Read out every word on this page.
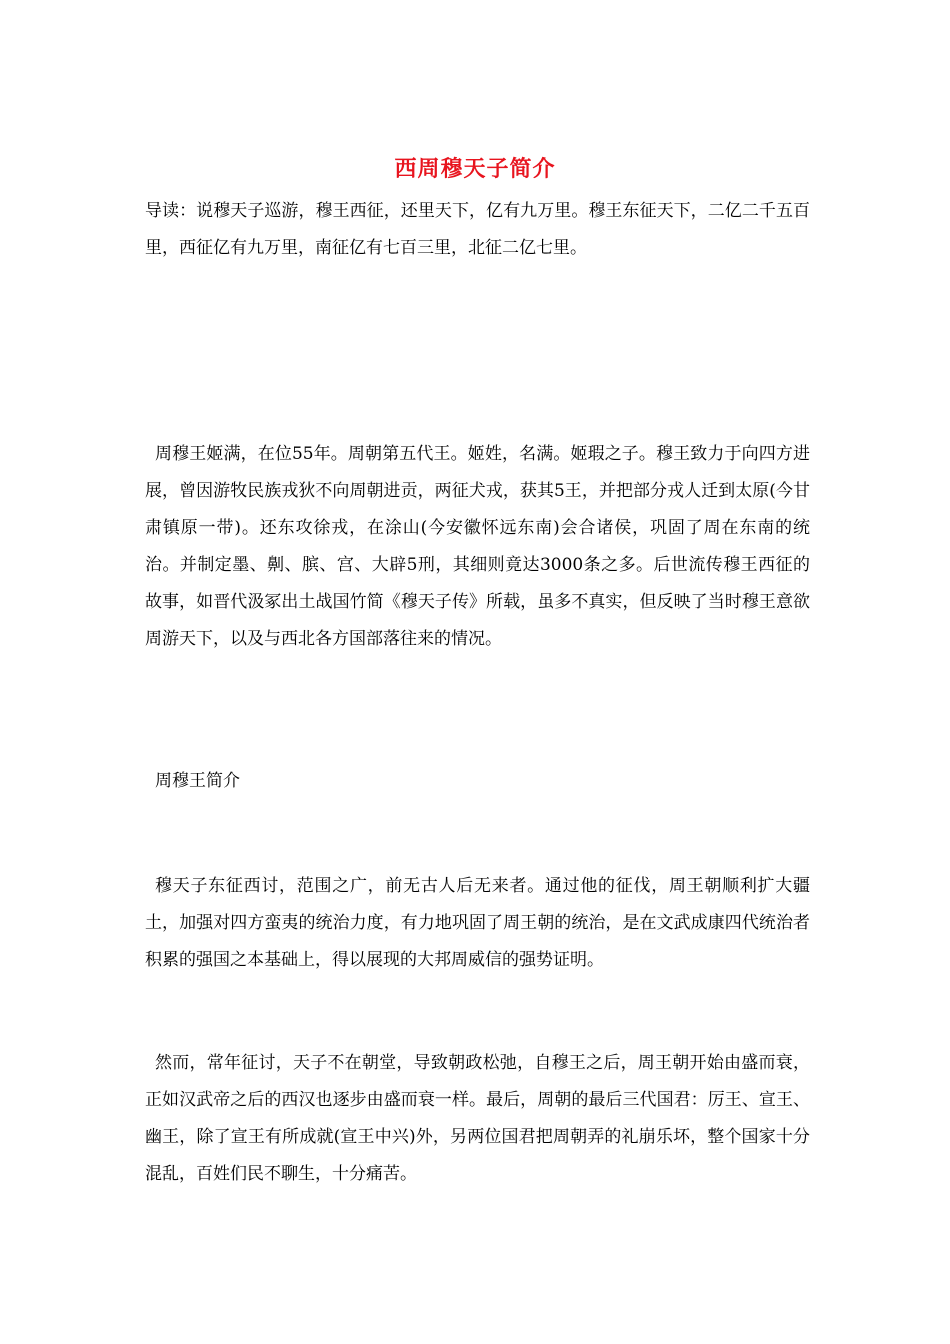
西周穆天子简介

导读：说穆天子巡游，穆王西征，还里天下，亿有九万里。穆王东征天下，二亿二千五百里，西征亿有九万里，南征亿有七百三里，北征二亿七里。

周穆王姬满，在位55年。周朝第五代王。姬姓，名满。姬瑕之子。穆王致力于向四方进展，曾因游牧民族戎狄不向周朝进贡，两征犬戎，获其5王，并把部分戎人迁到太原(今甘肃镇原一带)。还东攻徐戎，在涂山(今安徽怀远东南)会合诸侯，巩固了周在东南的统治。并制定墨、劓、膑、宫、大辟5刑，其细则竟达3000条之多。后世流传穆王西征的故事，如晋代汲冢出土战国竹简《穆天子传》所载，虽多不真实，但反映了当时穆王意欲周游天下，以及与西北各方国部落往来的情况。

周穆王简介

穆天子东征西讨，范围之广，前无古人后无来者。通过他的征伐，周王朝顺利扩大疆土，加强对四方蛮夷的统治力度，有力地巩固了周王朝的统治，是在文武成康四代统治者积累的强国之本基础上，得以展现的大邦周威信的强势证明。

然而，常年征讨，天子不在朝堂，导致朝政松弛，自穆王之后，周王朝开始由盛而衰，正如汉武帝之后的西汉也逐步由盛而衰一样。最后，周朝的最后三代国君：厉王、宣王、幽王，除了宣王有所成就(宣王中兴)外，另两位国君把周朝弄的礼崩乐坏，整个国家十分混乱，百姓们民不聊生，十分痛苦。
